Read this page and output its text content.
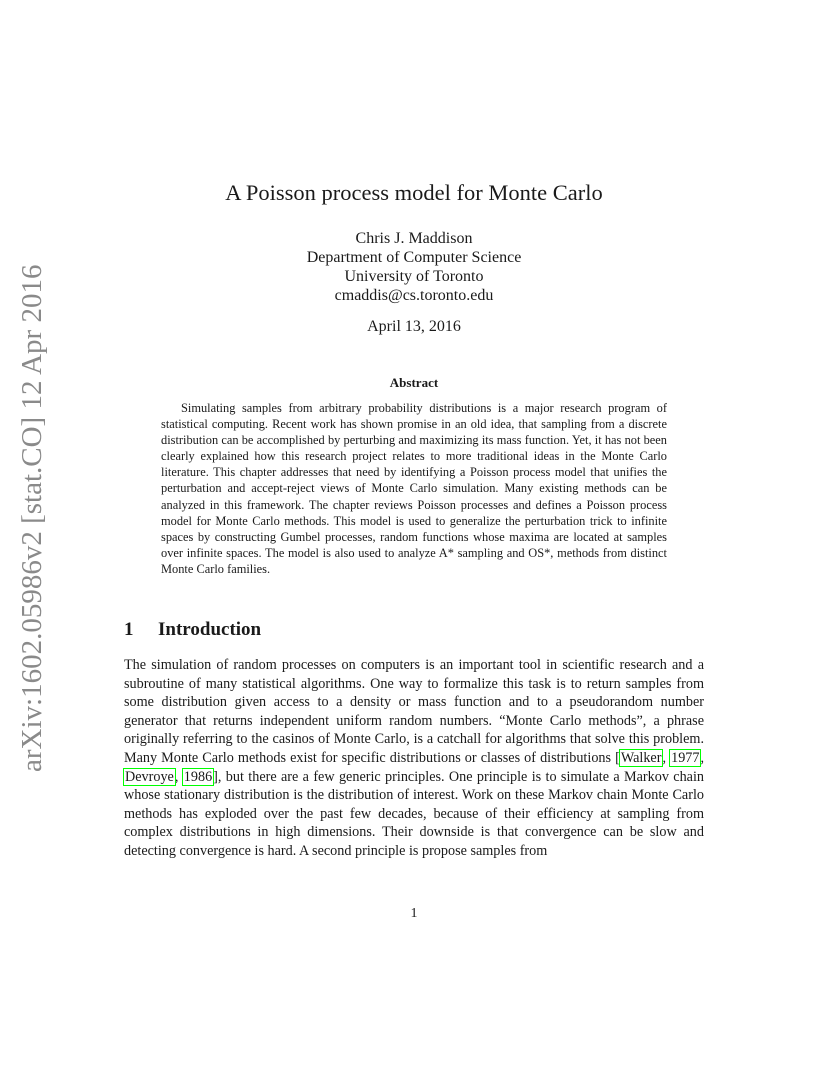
arXiv:1602.05986v2 [stat.CO] 12 Apr 2016
A Poisson process model for Monte Carlo
Chris J. Maddison
Department of Computer Science
University of Toronto
cmaddis@cs.toronto.edu
April 13, 2016
Abstract
Simulating samples from arbitrary probability distributions is a major research program of statistical computing. Recent work has shown promise in an old idea, that sampling from a discrete distribution can be accomplished by perturbing and maximizing its mass function. Yet, it has not been clearly explained how this research project relates to more traditional ideas in the Monte Carlo literature. This chapter addresses that need by identifying a Poisson process model that unifies the perturbation and accept-reject views of Monte Carlo simulation. Many existing methods can be analyzed in this framework. The chapter reviews Poisson processes and defines a Poisson process model for Monte Carlo methods. This model is used to generalize the perturbation trick to infinite spaces by constructing Gumbel processes, random functions whose maxima are located at samples over infinite spaces. The model is also used to analyze A* sampling and OS*, methods from distinct Monte Carlo families.
1 Introduction
The simulation of random processes on computers is an important tool in scientific research and a subroutine of many statistical algorithms. One way to formalize this task is to return samples from some distribution given access to a density or mass function and to a pseudorandom number generator that returns independent uniform random numbers. “Monte Carlo methods”, a phrase originally referring to the casinos of Monte Carlo, is a catchall for algorithms that solve this problem. Many Monte Carlo methods exist for specific distributions or classes of distributions [Walker, 1977, Devroye, 1986], but there are a few generic principles. One principle is to simulate a Markov chain whose stationary distribution is the distribution of interest. Work on these Markov chain Monte Carlo methods has exploded over the past few decades, because of their efficiency at sampling from complex distributions in high dimensions. Their downside is that convergence can be slow and detecting convergence is hard. A second principle is propose samples from
1
